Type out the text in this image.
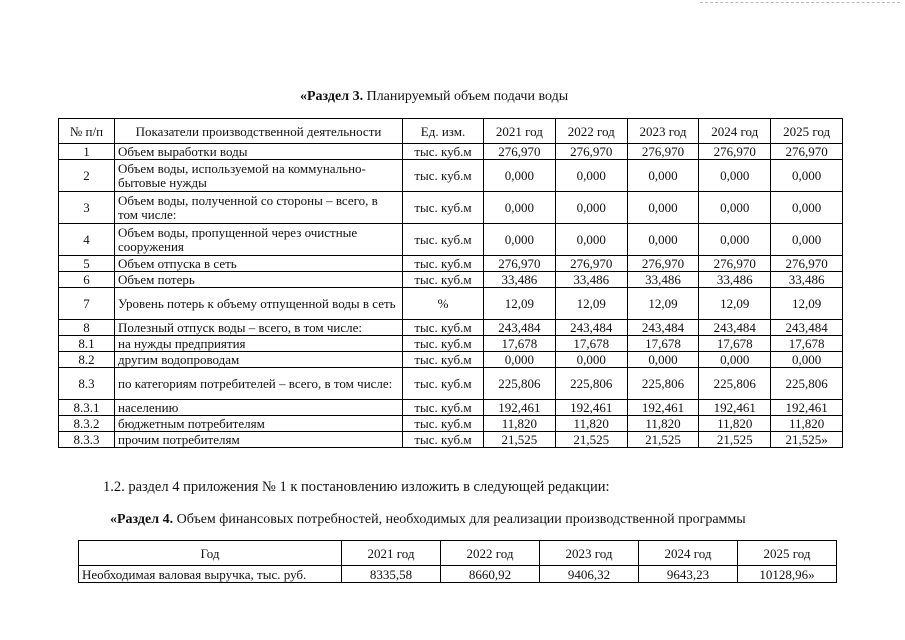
«Раздел 3. Планируемый объем подачи воды
№ п/п	Показатели производственной деятельности	Ед. изм.	2021 год	2022 год	2023 год	2024 год	2025 год
1	Объем выработки воды	тыс. куб.м	276,970	276,970	276,970	276,970	276,970
2	Объем воды, используемой на коммунально-бытовые нужды	тыс. куб.м	0,000	0,000	0,000	0,000	0,000
3	Объем воды, полученной со стороны – всего, в том числе:	тыс. куб.м	0,000	0,000	0,000	0,000	0,000
4	Объем воды, пропущенной через очистные сооружения	тыс. куб.м	0,000	0,000	0,000	0,000	0,000
5	Объем отпуска в сеть	тыс. куб.м	276,970	276,970	276,970	276,970	276,970
6	Объем потерь	тыс. куб.м	33,486	33,486	33,486	33,486	33,486
7	Уровень потерь к объему отпущенной воды в сеть	%	12,09	12,09	12,09	12,09	12,09
8	Полезный отпуск воды – всего, в том числе:	тыс. куб.м	243,484	243,484	243,484	243,484	243,484
8.1	на нужды предприятия	тыс. куб.м	17,678	17,678	17,678	17,678	17,678
8.2	другим водопроводам	тыс. куб.м	0,000	0,000	0,000	0,000	0,000
8.3	по категориям потребителей – всего, в том числе:	тыс. куб.м	225,806	225,806	225,806	225,806	225,806
8.3.1	населению	тыс. куб.м	192,461	192,461	192,461	192,461	192,461
8.3.2	бюджетным потребителям	тыс. куб.м	11,820	11,820	11,820	11,820	11,820
8.3.3	прочим потребителям	тыс. куб.м	21,525	21,525	21,525	21,525	21,525»
1.2. раздел 4 приложения № 1 к постановлению изложить в следующей редакции:
«Раздел 4. Объем финансовых потребностей, необходимых для реализации производственной программы
Год	2021 год	2022 год	2023 год	2024 год	2025 год
Необходимая валовая выручка, тыс. руб.	8335,58	8660,92	9406,32	9643,23	10128,96»
